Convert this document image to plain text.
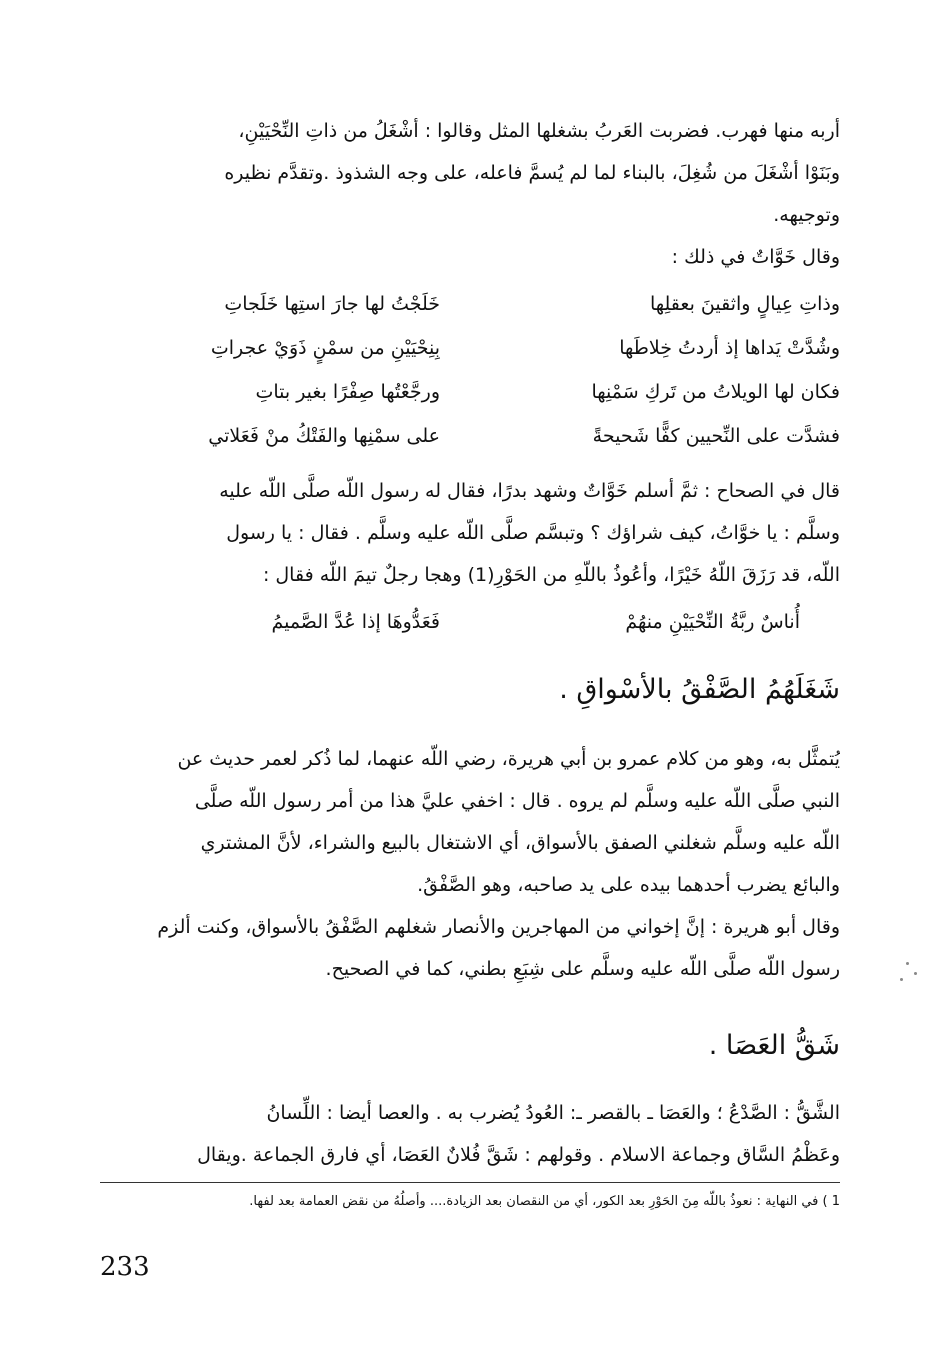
أربه منها فهرب. فضربت العَربُ بشغلها المثل وقالوا : أشْغَلُ من ذاتِ النِّحْيَيْنِ،
وبَنَوْا أشْغَلَ من شُغِلَ، بالبناء لما لم يُسمَّ فاعله، على وجه الشذوذ .وتقدَّم نظيره
وتوجيهه.
وقال خَوَّاتٌ في ذلك :
وذاتِ عِيالٍ واثقينَ بعقلِها
خَلَجْتُ لها جارَ استِها خَلَجاتِ
وشُدَّتْ يَداها إذ أردتُ خِلاطَها
بِنِحْيَيْنِ من سمْنٍ ذَوَيْ عجراتِ
فكان لها الويلاتُ من تَركِ سَمْنِها
ورجَّعْتُها صِفْرًا بغير بتاتِ
فشدَّت على النِّحيين كفًّا شَحيحةً
على سمْنِها والفَتْكُ منْ فَعَلاتي
قال في الصحاح : ثمَّ أسلم خَوَّاتٌ وشهد بدرًا، فقال له رسول اللّه صلَّى اللّه عليه
وسلَّم : يا خوَّاتُ، كيف شراؤك ؟ وتبسَّم صلَّى اللّه عليه وسلَّم . فقال : يا رسول
اللّه، قد رَزَقَ اللّهُ خَيْرًا، وأعُوذُ باللّهِ من الحَوْرِ(1) وهجا رجلٌ تيمَ اللّه فقال :
أُناسٌ ربَّةُ النِّحْيَيْنِ منهُمْ
فَعَدُّوهَا إذا عُدَّ الصَّميمُ
شَغَلَهُمُ الصَّفْقُ بالأسْواقِ .
يُتمثَّل به، وهو من كلام عمرو بن أبي هريرة، رضي اللّه عنهما، لما ذُكر لعمر حديث عن
النبي صلَّى اللّه عليه وسلَّم لم يروه . قال : اخفي عليَّ هذا من أمر رسول اللّه صلَّى
اللّه عليه وسلَّم شغلني الصفق بالأسواق، أي الاشتغال بالبيع والشراء، لأنَّ المشتري
والبائع يضرب أحدهما بيده على يد صاحبه، وهو الصَّفْقُ.
وقال أبو هريرة : إنَّ إخواني من المهاجرين والأنصار شغلهم الصَّفْقُ بالأسواق، وكنت ألزم
رسول اللّه صلَّى اللّه عليه وسلَّم على شِبَعِ بطني، كما في الصحيح.
شَقُّ العَصَا .
الشَّقُّ : الصَّدْعُ ؛ والعَصَا ـ بالقصر ـ: العُودُ يُضرب به . والعصا أيضا : اللِّسانُ
وعَظْمُ السَّاق وجماعة الاسلام . وقولهم : شَقَّ فُلانٌ العَصَا، أي فارق الجماعة .ويقال
1 ) في النهاية : نعوذُ باللّه مِنَ الحَوْرِ بعد الكور، أي من النقصان بعد الزيادة.... وأصلُهُ من نقض العمامة بعد لفها.
233
